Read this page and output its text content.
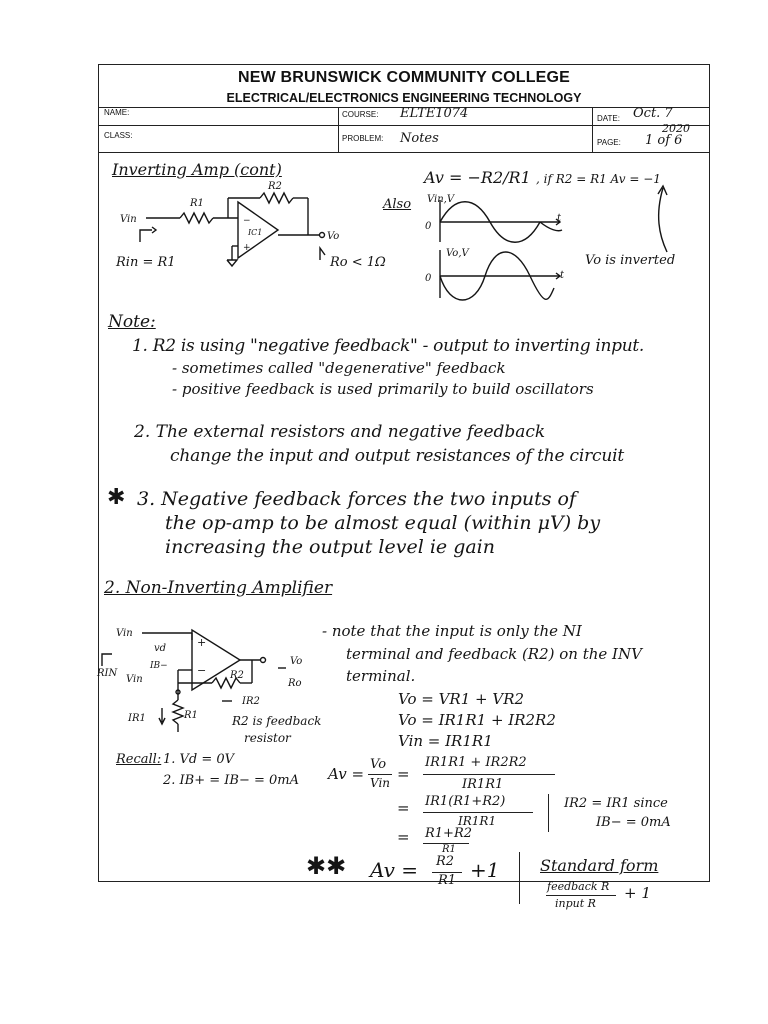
NEW BRUNSWICK COMMUNITY COLLEGE
ELECTRICAL/ELECTRONICS ENGINEERING TECHNOLOGY
NAME:
CLASS:
COURSE: ELTE1074
PROBLEM: Notes
DATE: Oct. 7
2020
PAGE: 1 of 6
Inverting Amp (cont)	Av = −R2/R1 , if R2 = R1 Av = −1
Also Vin,V
Vo,V
0
0
t
t
Rin = R1	Ro < 1Ω	Vo is inverted
Vin
R1
R2
Vo
−
+
IC1
Note:
1. R2 is using "negative feedback" - output to inverting input.
- sometimes called "degenerative" feedback
- positive feedback is used primarily to build oscillators
2. The external resistors and negative feedback
change the input and output resistances of the circuit
✱ 3. Negative feedback forces the two inputs of
the op-amp to be almost equal (within μV) by
increasing the output level ie gain
2. Non-Inverting Amplifier
- note that the input is only the NI
terminal and feedback (R2) on the INV
terminal.
Vo = VR1 + VR2
Vo = IR1R1 + IR2R2
Vin = IR1R1
Vin
+
−
Vo
Ro
R2
R1
vd
IB−
RIN
Vin
IR2
IR1	R2 is feedback
resistor
Recall: 1. Vd = 0V
2. IB+ = IB− = 0mA Av =
Vo
Vin =
IR1R1 + IR2R2
IR1R1
= IR1(R1+R2)
IR1R1
IR2 = IR1 since
IB− = 0mA
= R1+R2
R1
✱✱ Av = R2
R1 +1	Standard form
feedback R
input R
+ 1
